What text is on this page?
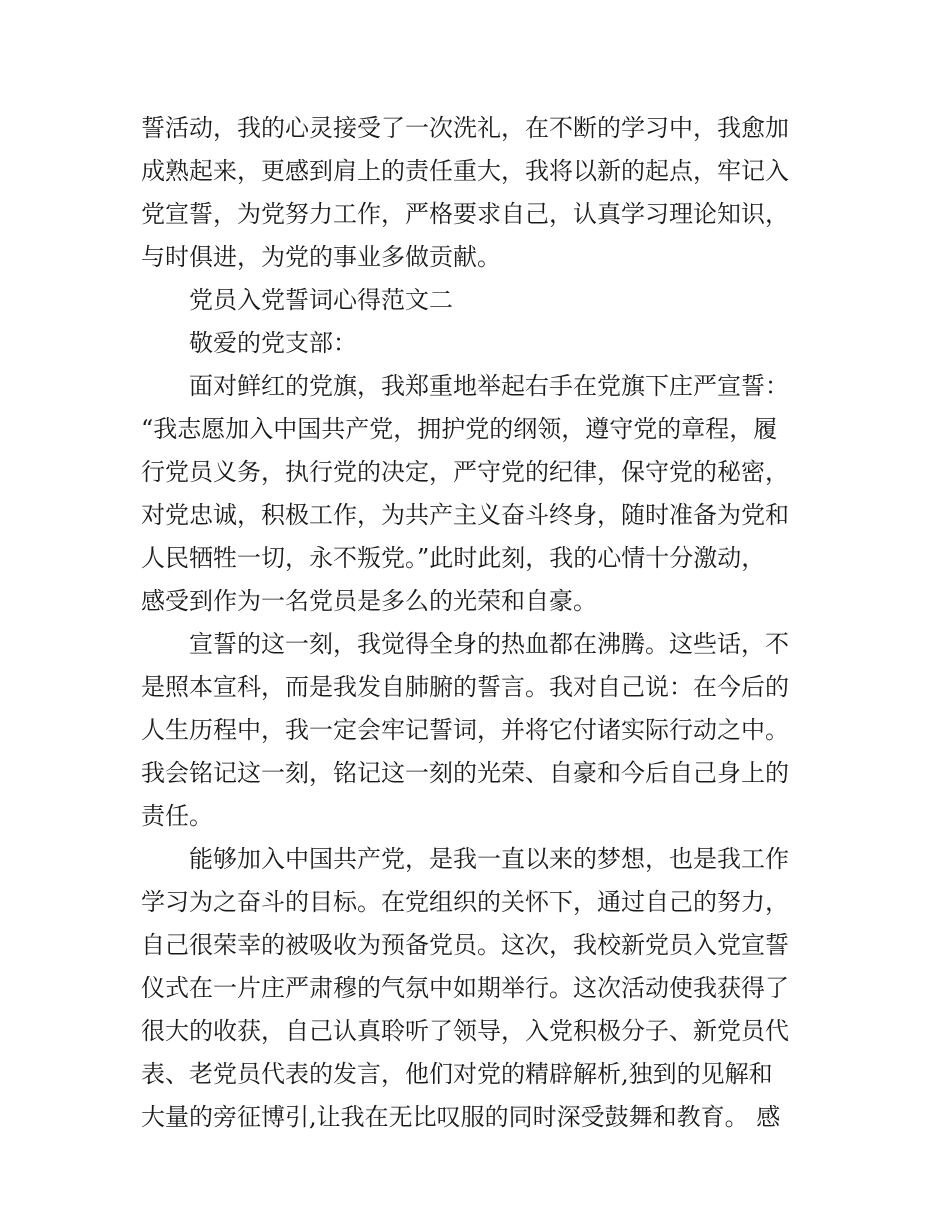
誓活动，我的心灵接受了一次洗礼，在不断的学习中，我愈加

成熟起来，更感到肩上的责任重大，我将以新的起点，牢记入

党宣誓，为党努力工作，严格要求自己，认真学习理论知识，

与时俱进，为党的事业多做贡献。

党员入党誓词心得范文二

敬爱的党支部：

面对鲜红的党旗，我郑重地举起右手在党旗下庄严宣誓：

“我志愿加入中国共产党，拥护党的纲领，遵守党的章程，履

行党员义务，执行党的决定，严守党的纪律，保守党的秘密，

对党忠诚，积极工作，为共产主义奋斗终身，随时准备为党和

人民牺牲一切，永不叛党。”此时此刻，我的心情十分激动，

感受到作为一名党员是多么的光荣和自豪。

宣誓的这一刻，我觉得全身的热血都在沸腾。这些话，不

是照本宣科，而是我发自肺腑的誓言。我对自己说：在今后的

人生历程中，我一定会牢记誓词，并将它付诸实际行动之中。

我会铭记这一刻，铭记这一刻的光荣、自豪和今后自己身上的

责任。

能够加入中国共产党，是我一直以来的梦想，也是我工作

学习为之奋斗的目标。在党组织的关怀下，通过自己的努力，

自己很荣幸的被吸收为预备党员。这次，我校新党员入党宣誓

仪式在一片庄严肃穆的气氛中如期举行。这次活动使我获得了

很大的收获，自己认真聆听了领导，入党积极分子、新党员代

表、老党员代表的发言，他们对党的精辟解析,独到的见解和

大量的旁征博引,让我在无比叹服的同时深受鼓舞和教育。 感
